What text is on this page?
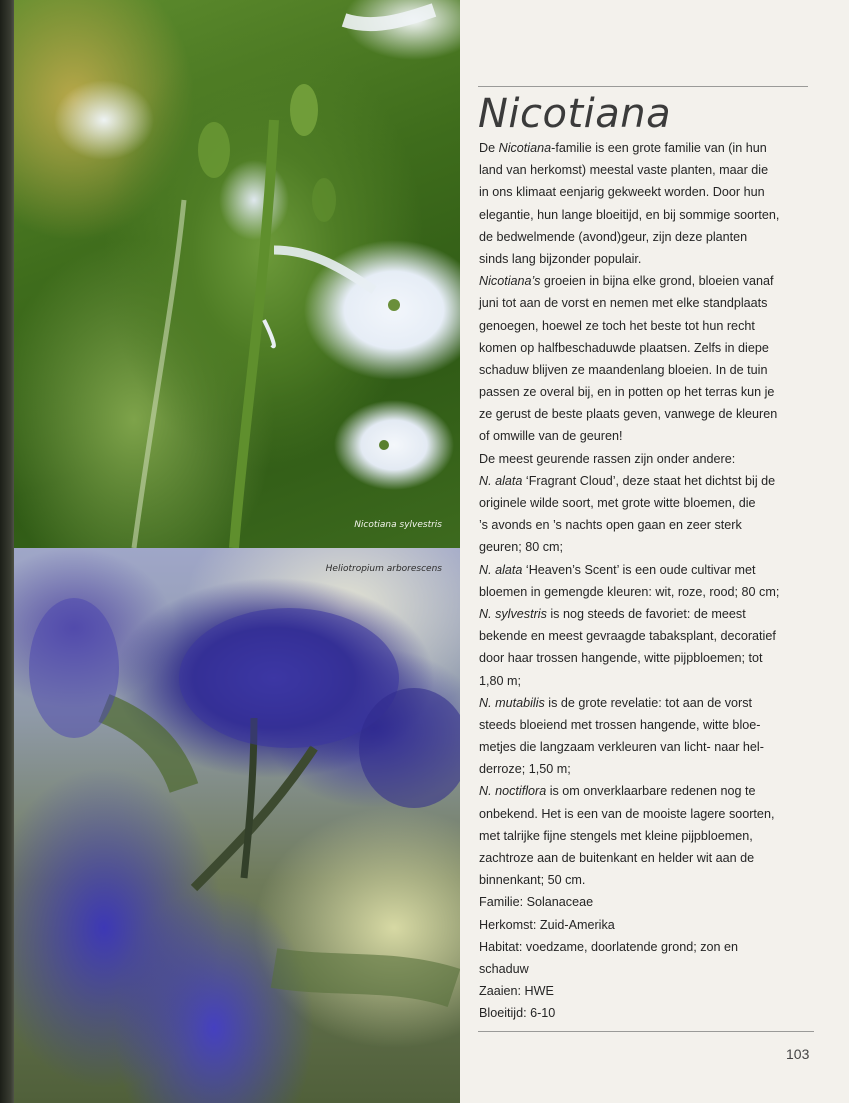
Nicotiana sylvestris
Heliotropium arborescens
Nicotiana
De Nicotiana-familie is een grote familie van (in hun
land van herkomst) meestal vaste planten, maar die
in ons klimaat eenjarig gekweekt worden. Door hun
elegantie, hun lange bloeitijd, en bij sommige soorten,
de bedwelmende (avond)geur, zijn deze planten
sinds lang bijzonder populair.
Nicotiana’s groeien in bijna elke grond, bloeien vanaf
juni tot aan de vorst en nemen met elke standplaats
genoegen, hoewel ze toch het beste tot hun recht
komen op halfbeschaduwde plaatsen. Zelfs in diepe
schaduw blijven ze maandenlang bloeien. In de tuin
passen ze overal bij, en in potten op het terras kun je
ze gerust de beste plaats geven, vanwege de kleuren
of omwille van de geuren!
De meest geurende rassen zijn onder andere:
N. alata ‘Fragrant Cloud’, deze staat het dichtst bij de
originele wilde soort, met grote witte bloemen, die
’s avonds en ’s nachts open gaan en zeer sterk
geuren; 80 cm;
N. alata ‘Heaven’s Scent’ is een oude cultivar met
bloemen in gemengde kleuren: wit, roze, rood; 80 cm;
N. sylvestris is nog steeds de favoriet: de meest
bekende en meest gevraagde tabaksplant, decoratief
door haar trossen hangende, witte pijpbloemen; tot
1,80 m;
N. mutabilis is de grote revelatie: tot aan de vorst
steeds bloeiend met trossen hangende, witte bloe-
metjes die langzaam verkleuren van licht- naar hel-
derroze; 1,50 m;
N. noctiflora is om onverklaarbare redenen nog te
onbekend. Het is een van de mooiste lagere soorten,
met talrijke fijne stengels met kleine pijpbloemen,
zachtroze aan de buitenkant en helder wit aan de
binnenkant; 50 cm.
Familie: Solanaceae
Herkomst: Zuid-Amerika
Habitat: voedzame, doorlatende grond; zon en
schaduw
Zaaien: HWE
Bloeitijd: 6-10
103
